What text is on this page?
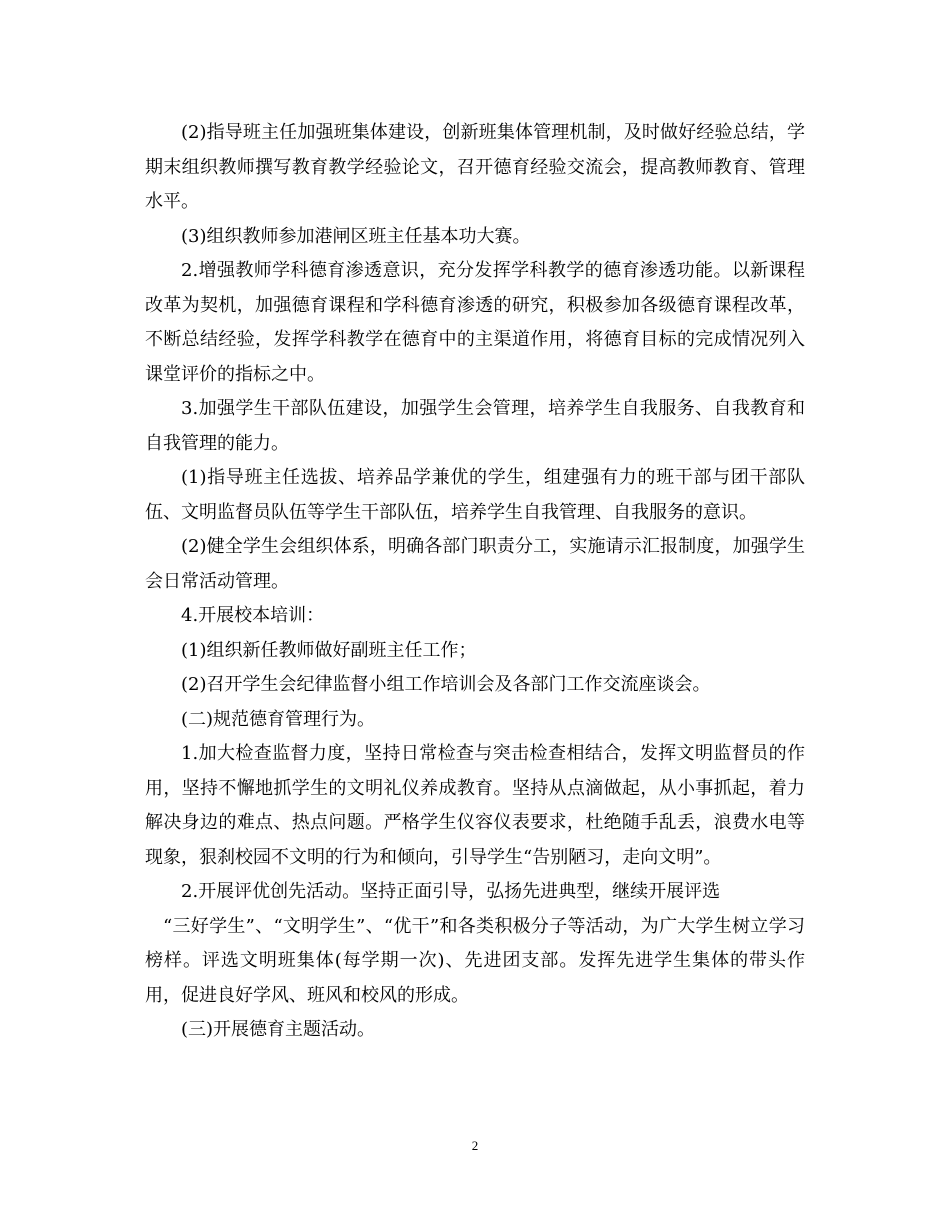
(2)指导班主任加强班集体建设，创新班集体管理机制，及时做好经验总结，学期末组织教师撰写教育教学经验论文，召开德育经验交流会，提高教师教育、管理水平。

(3)组织教师参加港闸区班主任基本功大赛。

2.增强教师学科德育渗透意识，充分发挥学科教学的德育渗透功能。以新课程改革为契机，加强德育课程和学科德育渗透的研究，积极参加各级德育课程改革，不断总结经验，发挥学科教学在德育中的主渠道作用，将德育目标的完成情况列入课堂评价的指标之中。

3.加强学生干部队伍建设，加强学生会管理，培养学生自我服务、自我教育和自我管理的能力。

(1)指导班主任选拔、培养品学兼优的学生，组建强有力的班干部与团干部队伍、文明监督员队伍等学生干部队伍，培养学生自我管理、自我服务的意识。

(2)健全学生会组织体系，明确各部门职责分工，实施请示汇报制度，加强学生会日常活动管理。

4.开展校本培训：

(1)组织新任教师做好副班主任工作；

(2)召开学生会纪律监督小组工作培训会及各部门工作交流座谈会。

(二)规范德育管理行为。

1.加大检查监督力度，坚持日常检查与突击检查相结合，发挥文明监督员的作用，坚持不懈地抓学生的文明礼仪养成教育。坚持从点滴做起，从小事抓起，着力解决身边的难点、热点问题。严格学生仪容仪表要求，杜绝随手乱丢，浪费水电等现象，狠刹校园不文明的行为和倾向，引导学生“告别陋习，走向文明”。

2.开展评优创先活动。坚持正面引导，弘扬先进典型，继续开展评选

“三好学生”、“文明学生”、“优干”和各类积极分子等活动，为广大学生树立学习榜样。评选文明班集体(每学期一次)、先进团支部。发挥先进学生集体的带头作用，促进良好学风、班风和校风的形成。

(三)开展德育主题活动。

2
